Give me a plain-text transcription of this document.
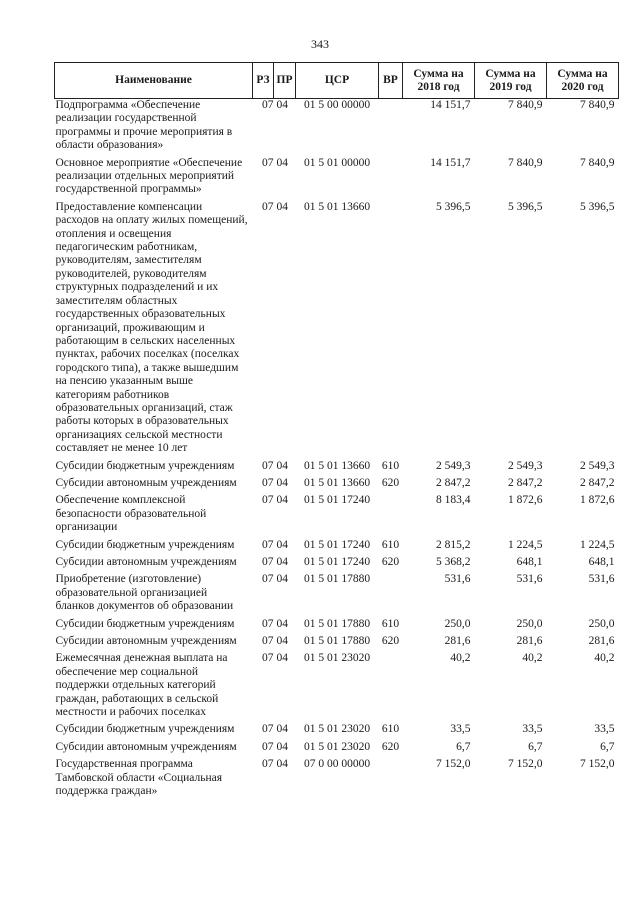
343
Наименование	РЗ	ПР	ЦСР	ВР	Сумма на 2018 год	Сумма на 2019 год	Сумма на 2020 год
Подпрограмма «Обеспечение реализации государственной программы и прочие мероприятия в области образования»	07	04	01 5 00 00000		14 151,7	7 840,9	7 840,9
Основное мероприятие «Обеспечение реализации отдельных мероприятий государственной программы»	07	04	01 5 01 00000		14 151,7	7 840,9	7 840,9
Предоставление компенсации расходов на оплату жилых помещений, отопления и освещения педагогическим работникам, руководителям, заместителям руководителей, руководителям структурных подразделений и их заместителям областных государственных образовательных организаций, проживающим и работающим в сельских населенных пунктах, рабочих поселках (поселках городского типа), а также вышедшим на пенсию указанным выше категориям работников образовательных организаций, стаж работы которых в образовательных организациях сельской местности составляет не менее 10 лет	07	04	01 5 01 13660		5 396,5	5 396,5	5 396,5
Субсидии бюджетным учреждениям	07	04	01 5 01 13660	610	2 549,3	2 549,3	2 549,3
Субсидии автономным учреждениям	07	04	01 5 01 13660	620	2 847,2	2 847,2	2 847,2
Обеспечение комплексной безопасности образовательной организации	07	04	01 5 01 17240		8 183,4	1 872,6	1 872,6
Субсидии бюджетным учреждениям	07	04	01 5 01 17240	610	2 815,2	1 224,5	1 224,5
Субсидии автономным учреждениям	07	04	01 5 01 17240	620	5 368,2	648,1	648,1
Приобретение (изготовление) образовательной организацией бланков документов об образовании	07	04	01 5 01 17880		531,6	531,6	531,6
Субсидии бюджетным учреждениям	07	04	01 5 01 17880	610	250,0	250,0	250,0
Субсидии автономным учреждениям	07	04	01 5 01 17880	620	281,6	281,6	281,6
Ежемесячная денежная выплата на обеспечение мер социальной поддержки отдельных категорий граждан, работающих в сельской местности и рабочих поселках	07	04	01 5 01 23020		40,2	40,2	40,2
Субсидии бюджетным учреждениям	07	04	01 5 01 23020	610	33,5	33,5	33,5
Субсидии автономным учреждениям	07	04	01 5 01 23020	620	6,7	6,7	6,7
Государственная программа Тамбовской области «Социальная поддержка граждан»	07	04	07 0 00 00000		7 152,0	7 152,0	7 152,0
